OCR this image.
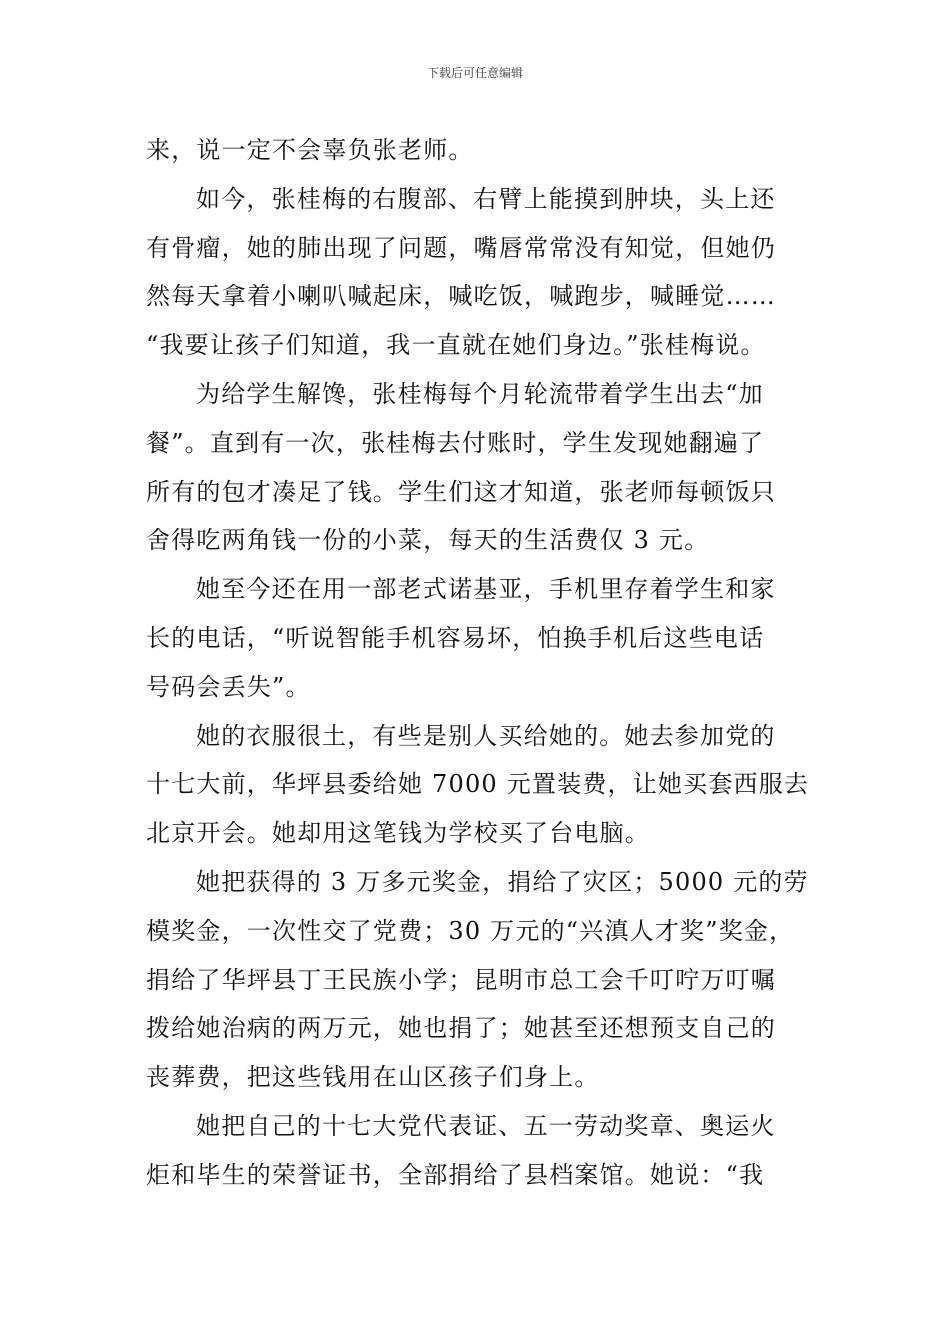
下载后可任意编辑
来，说一定不会辜负张老师。
如今，张桂梅的右腹部、右臂上能摸到肿块，头上还
有骨瘤，她的肺出现了问题，嘴唇常常没有知觉，但她仍
然每天拿着小喇叭喊起床，喊吃饭，喊跑步，喊睡觉……
“我要让孩子们知道，我一直就在她们身边。”张桂梅说。
为给学生解馋，张桂梅每个月轮流带着学生出去“加
餐”。直到有一次，张桂梅去付账时，学生发现她翻遍了
所有的包才凑足了钱。学生们这才知道，张老师每顿饭只
舍得吃两角钱一份的小菜，每天的生活费仅 3 元。
她至今还在用一部老式诺基亚，手机里存着学生和家
长的电话，“听说智能手机容易坏，怕换手机后这些电话
号码会丢失”。
她的衣服很土，有些是别人买给她的。她去参加党的
十七大前，华坪县委给她 7000 元置装费，让她买套西服去
北京开会。她却用这笔钱为学校买了台电脑。
她把获得的 3 万多元奖金，捐给了灾区；5000 元的劳
模奖金，一次性交了党费；30 万元的“兴滇人才奖”奖金，
捐给了华坪县丁王民族小学；昆明市总工会千叮咛万叮嘱
拨给她治病的两万元，她也捐了；她甚至还想预支自己的
丧葬费，把这些钱用在山区孩子们身上。
她把自己的十七大党代表证、五一劳动奖章、奥运火
炬和毕生的荣誉证书，全部捐给了县档案馆。她说：“我
